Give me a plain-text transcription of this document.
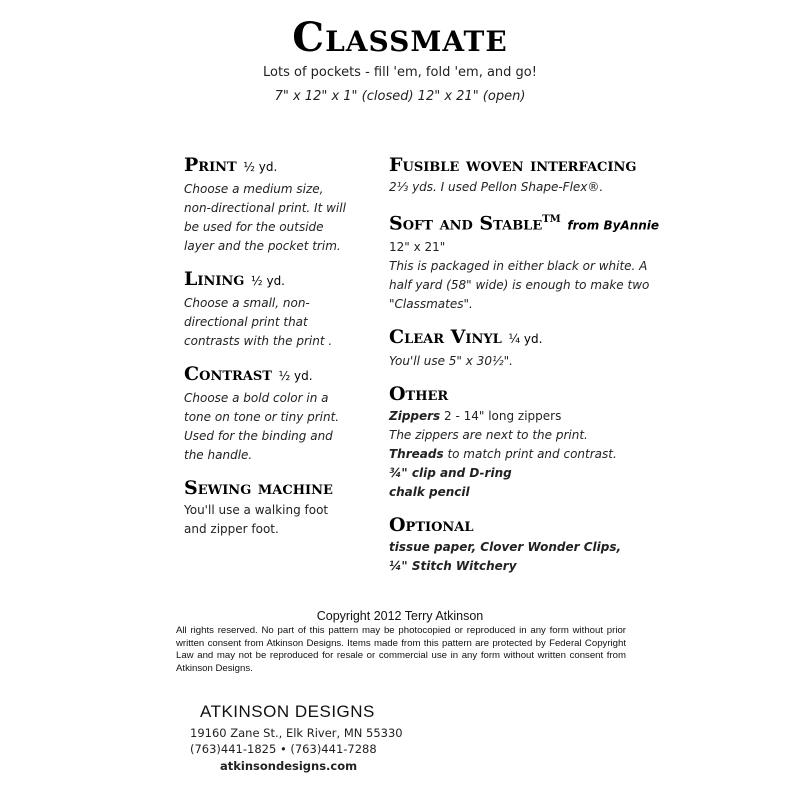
Classmate
Lots of pockets - fill 'em, fold 'em, and go!
7" x 12" x 1" (closed) 12" x 21" (open)
Print ½ yd.
Choose a medium size,
non-directional print. It will
be used for the outside
layer and the pocket trim.
Lining ½ yd.
Choose a small, non-
directional print that
contrasts with the print .
Contrast ½ yd.
Choose a bold color in a
tone on tone or tiny print.
Used for the binding and
the handle.
Sewing machine
You'll use a walking foot
and zipper foot.
Fusible woven interfacing
2⅓ yds. I used Pellon Shape-Flex®.
Soft and Stable™ from ByAnnie
12" x 21"
This is packaged in either black or white. A
half yard (58" wide) is enough to make two
"Classmates".
Clear Vinyl ¼ yd.
You'll use 5" x 30½".
Other
Zippers 2 - 14" long zippers
The zippers are next to the print.
Threads to match print and contrast.
¾" clip and D-ring
chalk pencil
Optional
tissue paper, Clover Wonder Clips,
¼" Stitch Witchery
Copyright 2012 Terry Atkinson
All rights reserved. No part of this pattern may be photocopied or reproduced in any form without prior written consent from Atkinson Designs. Items made from this pattern are protected by Federal Copyright Law and may not be reproduced for resale or commercial use in any form without written consent from Atkinson Designs.
ATKINSON DESIGNS
19160 Zane St., Elk River, MN 55330
(763)441-1825 • (763)441-7288
atkinsondesigns.com
